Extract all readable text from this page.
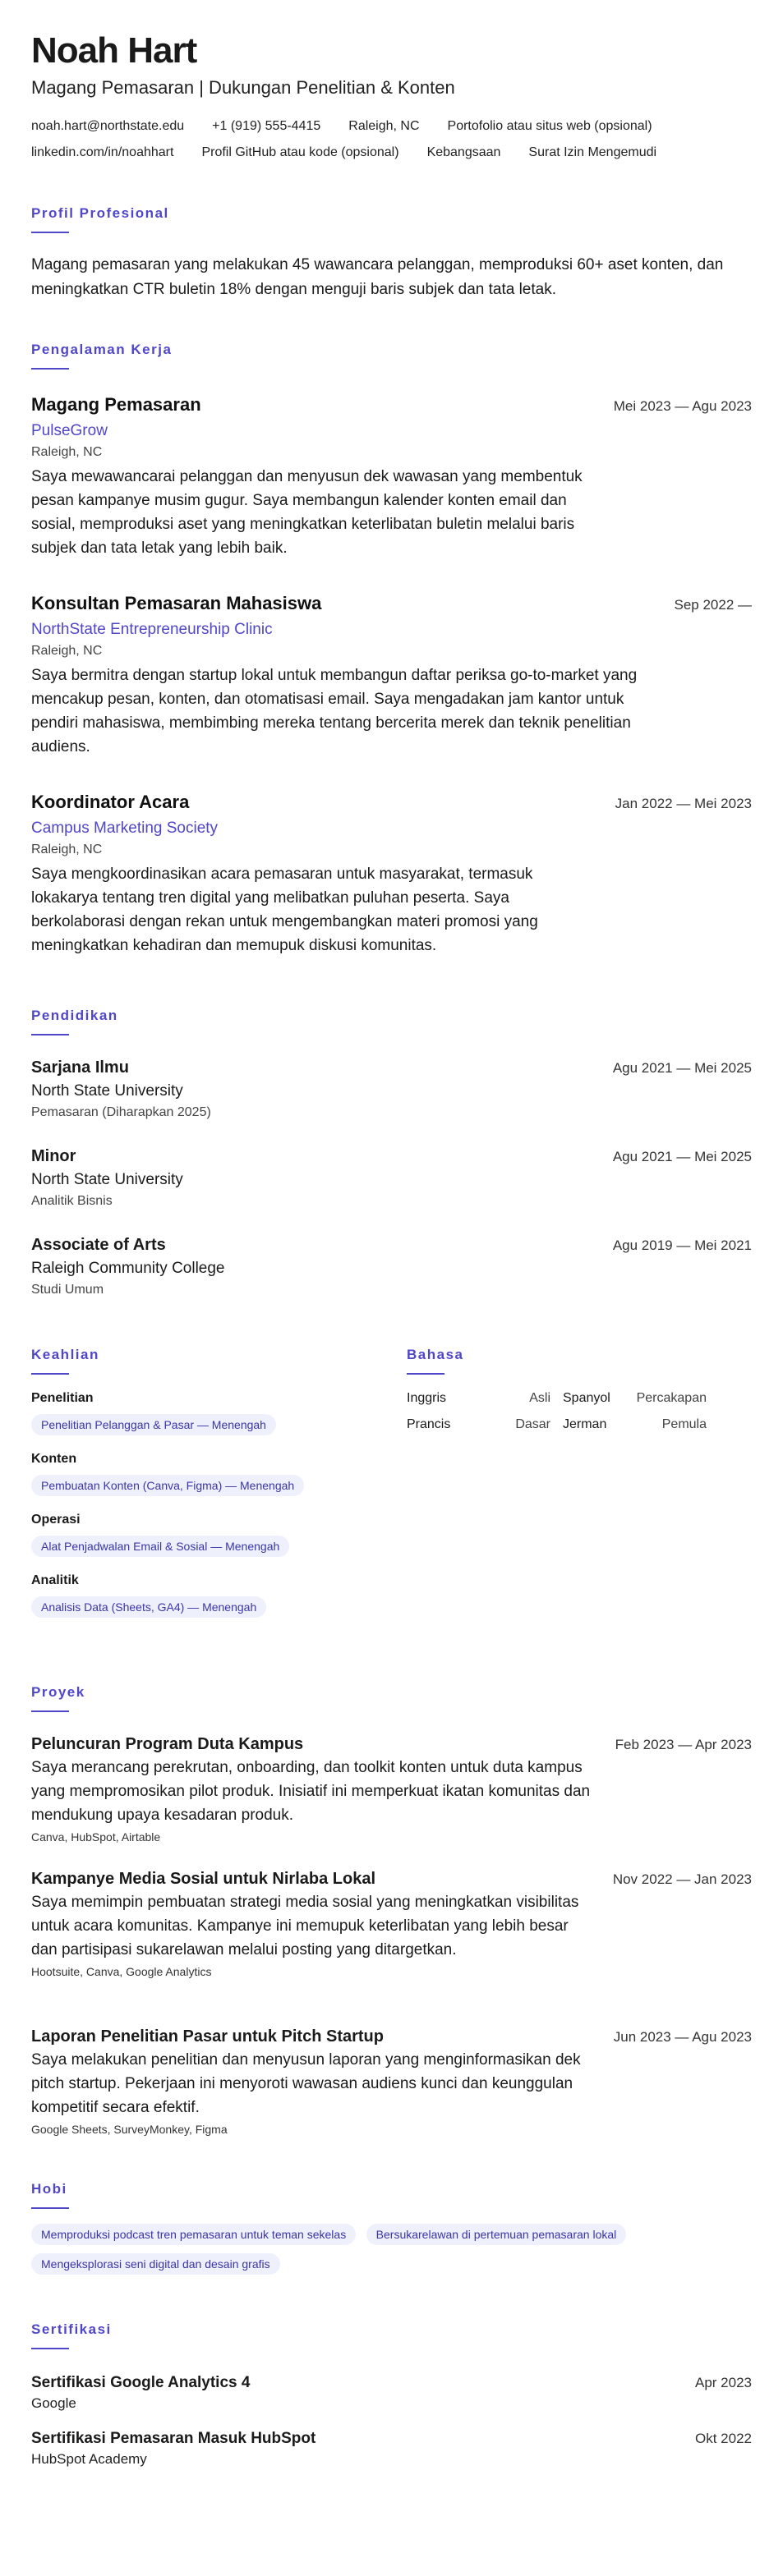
Noah Hart
Magang Pemasaran | Dukungan Penelitian & Konten
noah.hart@northstate.edu +1 (919) 555-4415 Raleigh, NC Portofolio atau situs web (opsional)
linkedin.com/in/noahhart Profil GitHub atau kode (opsional) Kebangsaan Surat Izin Mengemudi
Profil Profesional
Magang pemasaran yang melakukan 45 wawancara pelanggan, memproduksi 60+ aset konten, dan meningkatkan CTR buletin 18% dengan menguji baris subjek dan tata letak.
Pengalaman Kerja
Magang Pemasaran	Mei 2023 — Agu 2023
PulseGrow
Raleigh, NC
Saya mewawancarai pelanggan dan menyusun dek wawasan yang membentuk pesan kampanye musim gugur. Saya membangun kalender konten email dan sosial, memproduksi aset yang meningkatkan keterlibatan buletin melalui baris subjek dan tata letak yang lebih baik.
Konsultan Pemasaran Mahasiswa	Sep 2022 —
NorthState Entrepreneurship Clinic
Raleigh, NC
Saya bermitra dengan startup lokal untuk membangun daftar periksa go-to-market yang mencakup pesan, konten, dan otomatisasi email. Saya mengadakan jam kantor untuk pendiri mahasiswa, membimbing mereka tentang bercerita merek dan teknik penelitian audiens.
Koordinator Acara	Jan 2022 — Mei 2023
Campus Marketing Society
Raleigh, NC
Saya mengkoordinasikan acara pemasaran untuk masyarakat, termasuk lokakarya tentang tren digital yang melibatkan puluhan peserta. Saya berkolaborasi dengan rekan untuk mengembangkan materi promosi yang meningkatkan kehadiran dan memupuk diskusi komunitas.
Pendidikan
Sarjana Ilmu	Agu 2021 — Mei 2025
North State University
Pemasaran (Diharapkan 2025)
Minor	Agu 2021 — Mei 2025
North State University
Analitik Bisnis
Associate of Arts	Agu 2019 — Mei 2021
Raleigh Community College
Studi Umum
Keahlian
Penelitian
Penelitian Pelanggan & Pasar — Menengah
Konten
Pembuatan Konten (Canva, Figma) — Menengah
Operasi
Alat Penjadwalan Email & Sosial — Menengah
Analitik
Analisis Data (Sheets, GA4) — Menengah
Bahasa
Inggris	Asli Spanyol Percakapan
Prancis	Dasar Jerman	Pemula
Proyek
Peluncuran Program Duta Kampus	Feb 2023 — Apr 2023
Saya merancang perekrutan, onboarding, dan toolkit konten untuk duta kampus yang mempromosikan pilot produk. Inisiatif ini memperkuat ikatan komunitas dan mendukung upaya kesadaran produk.
Canva, HubSpot, Airtable
Kampanye Media Sosial untuk Nirlaba Lokal	Nov 2022 — Jan 2023
Saya memimpin pembuatan strategi media sosial yang meningkatkan visibilitas untuk acara komunitas. Kampanye ini memupuk keterlibatan yang lebih besar dan partisipasi sukarelawan melalui posting yang ditargetkan.
Hootsuite, Canva, Google Analytics
Laporan Penelitian Pasar untuk Pitch Startup	Jun 2023 — Agu 2023
Saya melakukan penelitian dan menyusun laporan yang menginformasikan dek pitch startup. Pekerjaan ini menyoroti wawasan audiens kunci dan keunggulan kompetitif secara efektif.
Google Sheets, SurveyMonkey, Figma
Hobi
Memproduksi podcast tren pemasaran untuk teman sekelas	Bersukarelawan di pertemuan pemasaran lokal Mengeksplorasi seni digital dan desain grafis
Sertifikasi
Sertifikasi Google Analytics 4	Apr 2023
Google
Sertifikasi Pemasaran Masuk HubSpot	Okt 2022
HubSpot Academy
